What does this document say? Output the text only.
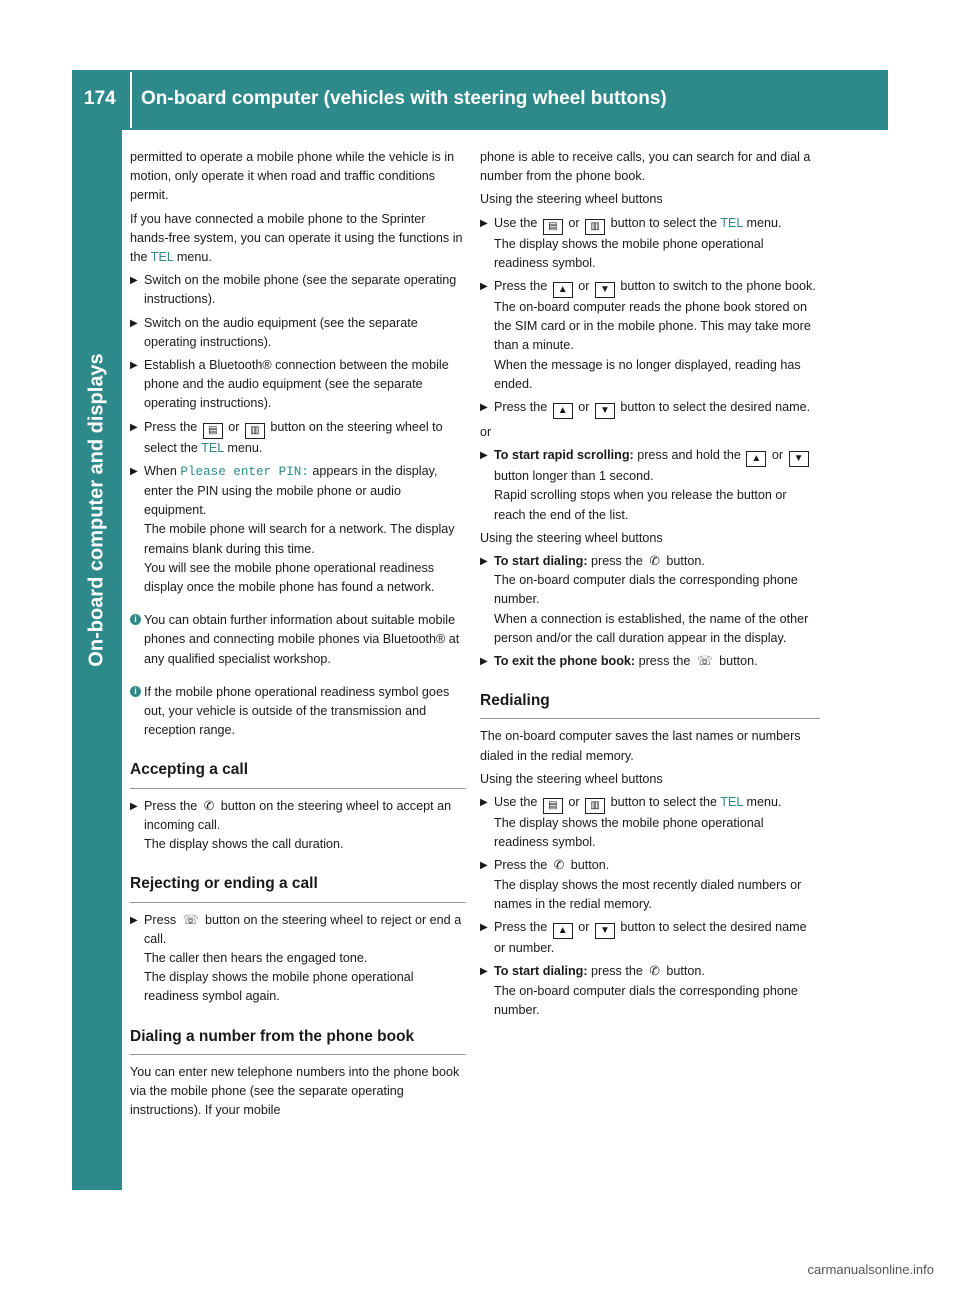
174 On-board computer (vehicles with steering wheel buttons)
On-board computer and displays

permitted to operate a mobile phone while the vehicle is in motion, only operate it when road and traffic conditions permit.

If you have connected a mobile phone to the Sprinter hands-free system, you can operate it using the functions in the TEL menu.

▶ Switch on the mobile phone (see the separate operating instructions).
▶ Switch on the audio equipment (see the separate operating instructions).
▶ Establish a Bluetooth® connection between the mobile phone and the audio equipment (see the separate operating instructions).
▶ Press the ▤ or ▥ button on the steering wheel to select the TEL menu.
▶ When Please enter PIN: appears in the display, enter the PIN using the mobile phone or audio equipment.
The mobile phone will search for a network. The display remains blank during this time.
You will see the mobile phone operational readiness display once the mobile phone has found a network.
i You can obtain further information about suitable mobile phones and connecting mobile phones via Bluetooth® at any qualified specialist workshop.
i If the mobile phone operational readiness symbol goes out, your vehicle is outside of the transmission and reception range.
Accepting a call
▶ Press the ✆ button on the steering wheel to accept an incoming call.
The display shows the call duration.
Rejecting or ending a call
▶ Press ☏ button on the steering wheel to reject or end a call.
The caller then hears the engaged tone.
The display shows the mobile phone operational readiness symbol again.
Dialing a number from the phone book

You can enter new telephone numbers into the phone book via the mobile phone (see the separate operating instructions). If your mobile

phone is able to receive calls, you can search for and dial a number from the phone book.

Using the steering wheel buttons

▶ Use the ▤ or ▥ button to select the TEL menu.
The display shows the mobile phone operational readiness symbol.
▶ Press the ▲ or ▼ button to switch to the phone book.
The on-board computer reads the phone book stored on the SIM card or in the mobile phone. This may take more than a minute.
When the message is no longer displayed, reading has ended.
▶ Press the ▲ or ▼ button to select the desired name.

or

▶ To start rapid scrolling: press and hold the ▲ or ▼ button longer than 1 second.
Rapid scrolling stops when you release the button or reach the end of the list.

Using the steering wheel buttons

▶ To start dialing: press the ✆ button.
The on-board computer dials the corresponding phone number.
When a connection is established, the name of the other person and/or the call duration appear in the display.
▶ To exit the phone book: press the ☏ button.
Redialing

The on-board computer saves the last names or numbers dialed in the redial memory.

Using the steering wheel buttons

▶ Use the ▤ or ▥ button to select the TEL menu.
The display shows the mobile phone operational readiness symbol.
▶ Press the ✆ button.
The display shows the most recently dialed numbers or names in the redial memory.
▶ Press the ▲ or ▼ button to select the desired name or number.
▶ To start dialing: press the ✆ button.
The on-board computer dials the corresponding phone number.
carmanualsonline.info
